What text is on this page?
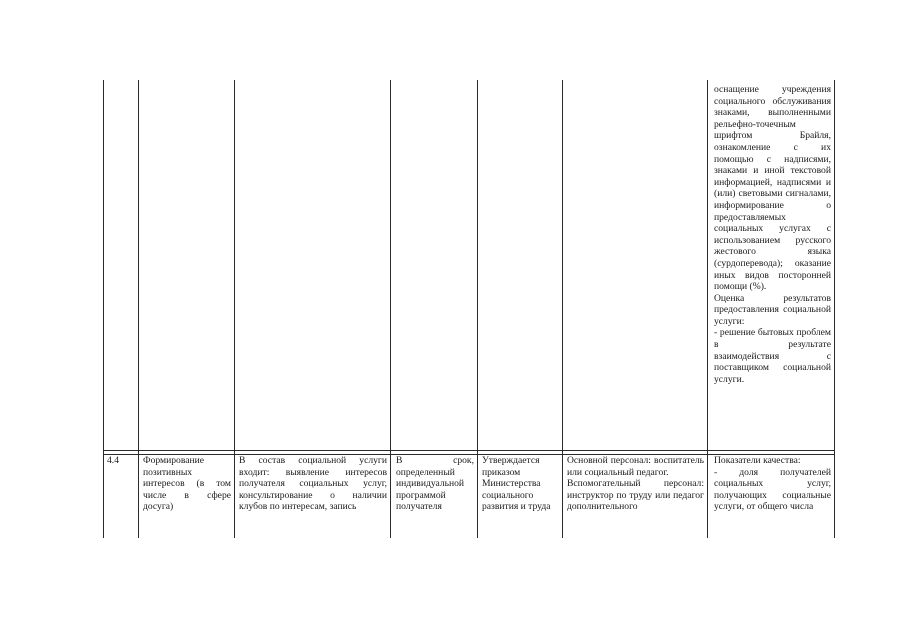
оснащение учреждения социального обслуживания знаками, выполненными рельефно-точечным шрифтом Брайля, ознакомление с их помощью с надписями, знаками и иной текстовой информацией, надписями и (или) световыми сигналами, информирование о предоставляемых социальных услугах с использованием русского жестового языка (сурдоперевода); оказание иных видов посторонней помощи (%).
Оценка результатов предоставления социальной услуги:
- решение бытовых проблем в результате взаимодействия с поставщиком социальной услуги.
4.4	Формирование позитивных интересов (в том числе в сфере досуга)
В состав социальной услуги входит: выявление интересов получателя социальных услуг, консультирование о наличии клубов по интересам, запись
В срок, определенный индивидуальной программой получателя
Утверждается приказом Министерства социального развития и труда
Основной персонал: воспитатель или социальный педагог.
Вспомогательный персонал: инструктор по труду или педагог дополнительного
Показатели качества:
- доля получателей социальных услуг, получающих социальные услуги, от общего числа
